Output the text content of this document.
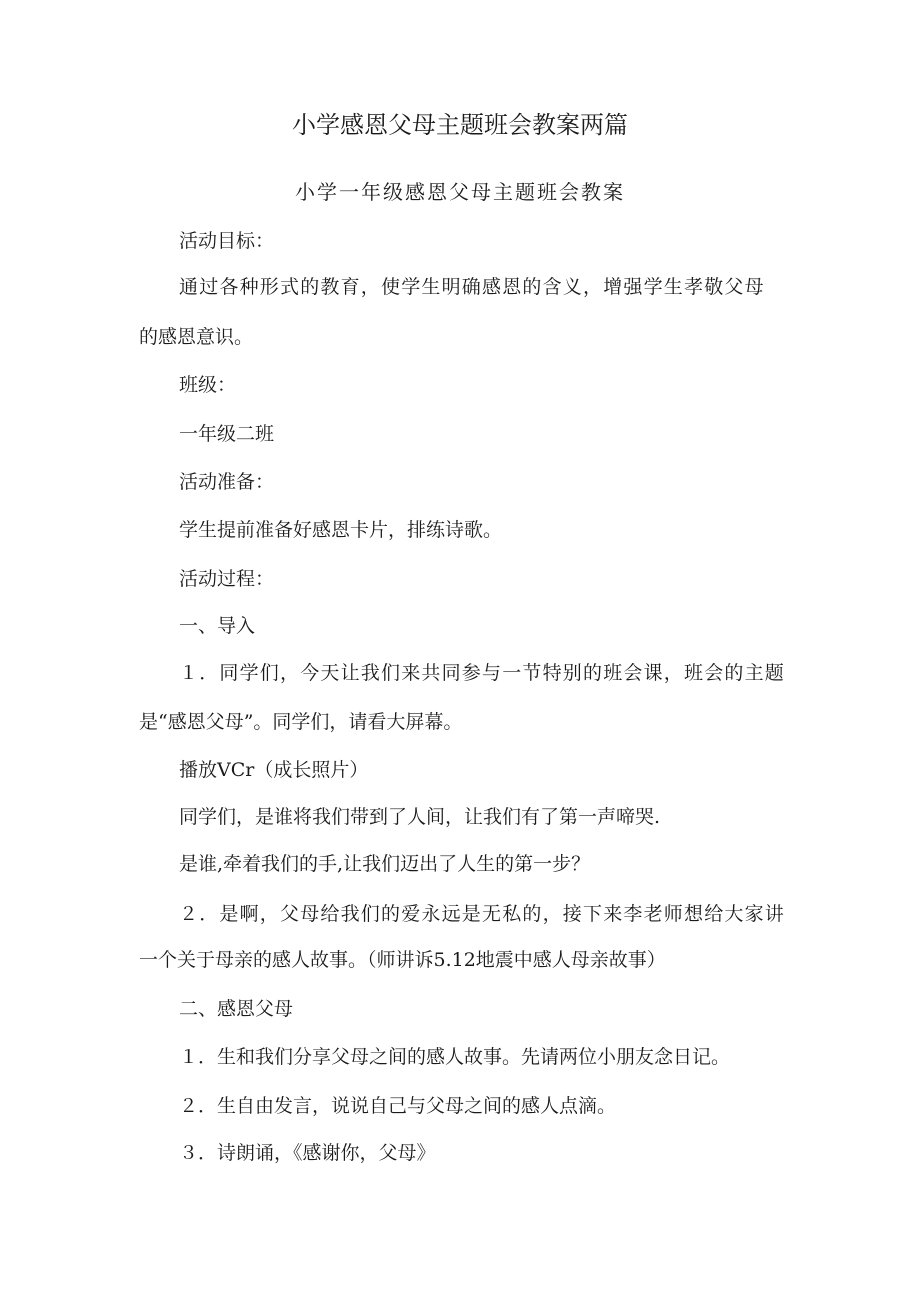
小学感恩父母主题班会教案两篇
小学一年级感恩父母主题班会教案
活动目标：
通过各种形式的教育，使学生明确感恩的含义，增强学生孝敬父母
的感恩意识。
班级：
一年级二班
活动准备：
学生提前准备好感恩卡片，排练诗歌。
活动过程：
一、导入
１．同学们，今天让我们来共同参与一节特别的班会课，班会的主题
是“感恩父母”。同学们，请看大屏幕。
播放VCr（成长照片）
同学们，是谁将我们带到了人间，让我们有了第一声啼哭.
是谁,牵着我们的手,让我们迈出了人生的第一步？
２．是啊，父母给我们的爱永远是无私的，接下来李老师想给大家讲
一个关于母亲的感人故事。（师讲诉5.12地震中感人母亲故事）
二、感恩父母
１．生和我们分享父母之间的感人故事。先请两位小朋友念日记。
２．生自由发言，说说自己与父母之间的感人点滴。
３．诗朗诵，《感谢你，父母》
